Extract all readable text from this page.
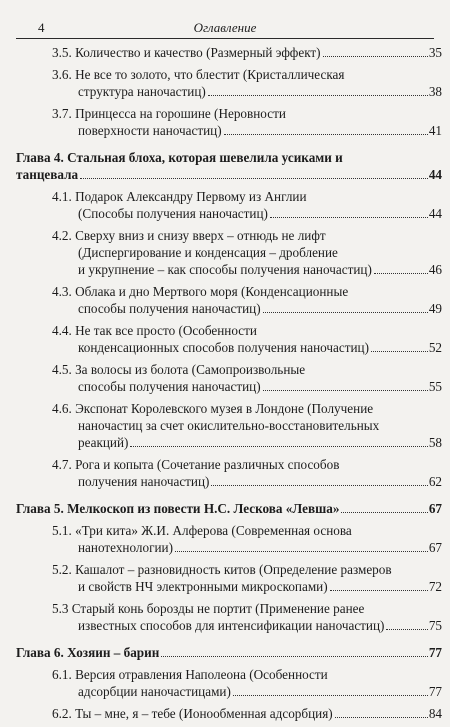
4	Оглавление
3.5. Количество и качество (Размерный эффект)	35
3.6. Не все то золото, что блестит (Кристаллическая
структура наночастиц)	38
3.7. Принцесса на горошине (Неровности
поверхности наночастиц)	41
Глава 4. Стальная блоха, которая шевелила усиками и
танцевала	44
4.1. Подарок Александру Первому из Англии
(Способы получения наночастиц)	44
4.2. Сверху вниз и снизу вверх – отнюдь не лифт
(Диспергирование и конденсация – дробление
и укрупнение – как способы получения наночастиц)	46
4.3. Облака и дно Мертвого моря (Конденсационные
способы получения наночастиц)	49
4.4. Не так все просто (Особенности
конденсационных способов получения наночастиц)	52
4.5. За волосы из болота (Самопроизвольные
способы получения наночастиц)	55
4.6. Экспонат Королевского музея в Лондоне (Получение
наночастиц за счет окислительно-восстановительных
реакций)	58
4.7. Рога и копыта (Сочетание различных способов
получения наночастиц)	62
Глава 5. Мелкоскоп из повести Н.С. Лескова «Левша»	67
5.1. «Три кита» Ж.И. Алферова (Современная основа
нанотехнологии)	67
5.2. Кашалот – разновидность китов (Определение размеров
и свойств НЧ электронными микроскопами)	72
5.3 Старый конь борозды не портит (Применение ранее
известных способов для интенсификации наночастиц)	75
Глава 6. Хозяин – барин	77
6.1. Версия отравления Наполеона (Особенности
адсорбции наночастицами)	77
6.2. Ты – мне, я – тебе (Ионообменная адсорбция)	84
